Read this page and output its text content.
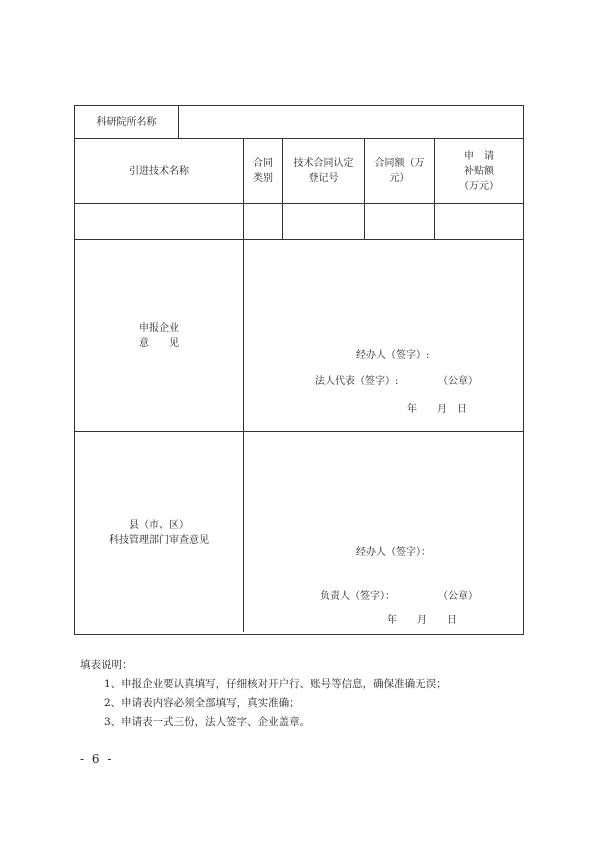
科研院所名称
引进技术名称
合同
类别
技术合同认定
登记号
合同额（万
元）
申　请
补贴额
（万元）
申报企业
意　　见
经办人（签字）:
法人代表（签字）:	（公章）
年　　月　日
县（市、区）
科技管理部门审查意见
经办人（签字）：
负责人（签字）：	（公章）
年　　月　　日
填表说明：
1、申报企业要认真填写，仔细核对开户行、账号等信息，确保准确无误；
2、申请表内容必须全部填写，真实准确；
3、申请表一式三份，法人签字、企业盖章。
- 6 -
